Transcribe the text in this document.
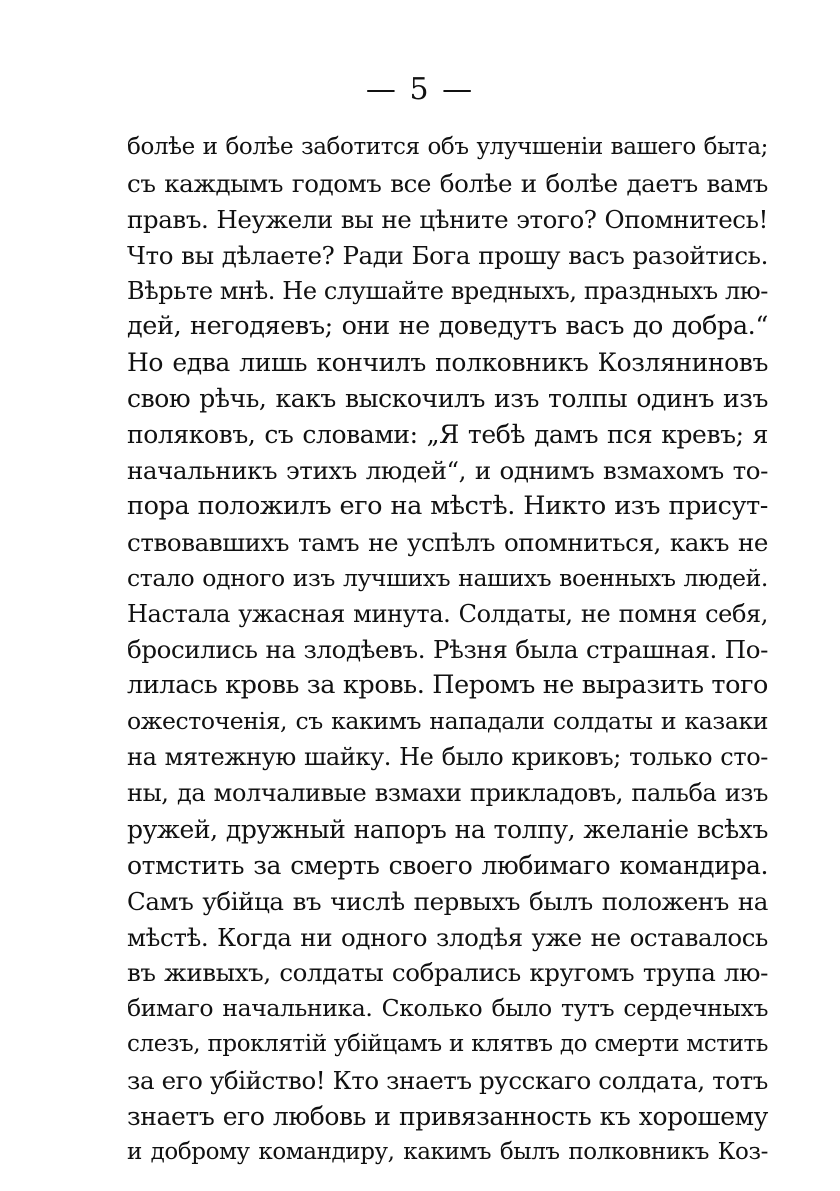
— 5 —
болѣе и болѣе заботится объ улучшеніи вашего быта;
съ каждымъ годомъ все болѣе и болѣе даетъ вамъ
правъ. Неужели вы не цѣните этого? Опомнитесь!
Что вы дѣлаете? Ради Бога прошу васъ разойтись.
Вѣрьте мнѣ. Не слушайте вредныхъ, праздныхъ лю-
дей, негодяевъ; они не доведутъ васъ до добра.“
Но едва лишь кончилъ полковникъ Козляниновъ
свою рѣчь, какъ выскочилъ изъ толпы одинъ изъ
поляковъ, съ словами: „Я тебѣ дамъ пся кревъ; я
начальникъ этихъ людей“, и однимъ взмахомъ то-
пора положилъ его на мѣстѣ. Никто изъ присут-
ствовавшихъ тамъ не успѣлъ опомниться, какъ не
стало одного изъ лучшихъ нашихъ военныхъ людей.
Настала ужасная минута. Солдаты, не помня себя,
бросились на злодѣевъ. Рѣзня была страшная. По-
лилась кровь за кровь. Перомъ не выразить того
ожесточенія, съ какимъ нападали солдаты и казаки
на мятежную шайку. Не было криковъ; только сто-
ны, да молчаливые взмахи прикладовъ, пальба изъ
ружей, дружный напоръ на толпу, желаніе всѣхъ
отмстить за смерть своего любимаго командира.
Самъ убійца въ числѣ первыхъ былъ положенъ на
мѣстѣ. Когда ни одного злодѣя уже не оставалось
въ живыхъ, солдаты собрались кругомъ трупа лю-
бимаго начальника. Сколько было тутъ сердечныхъ
слезъ, проклятій убійцамъ и клятвъ до смерти мстить
за его убійство! Кто знаетъ русскаго солдата, тотъ
знаетъ его любовь и привязанность къ хорошему
и доброму командиру, какимъ былъ полковникъ Коз-
